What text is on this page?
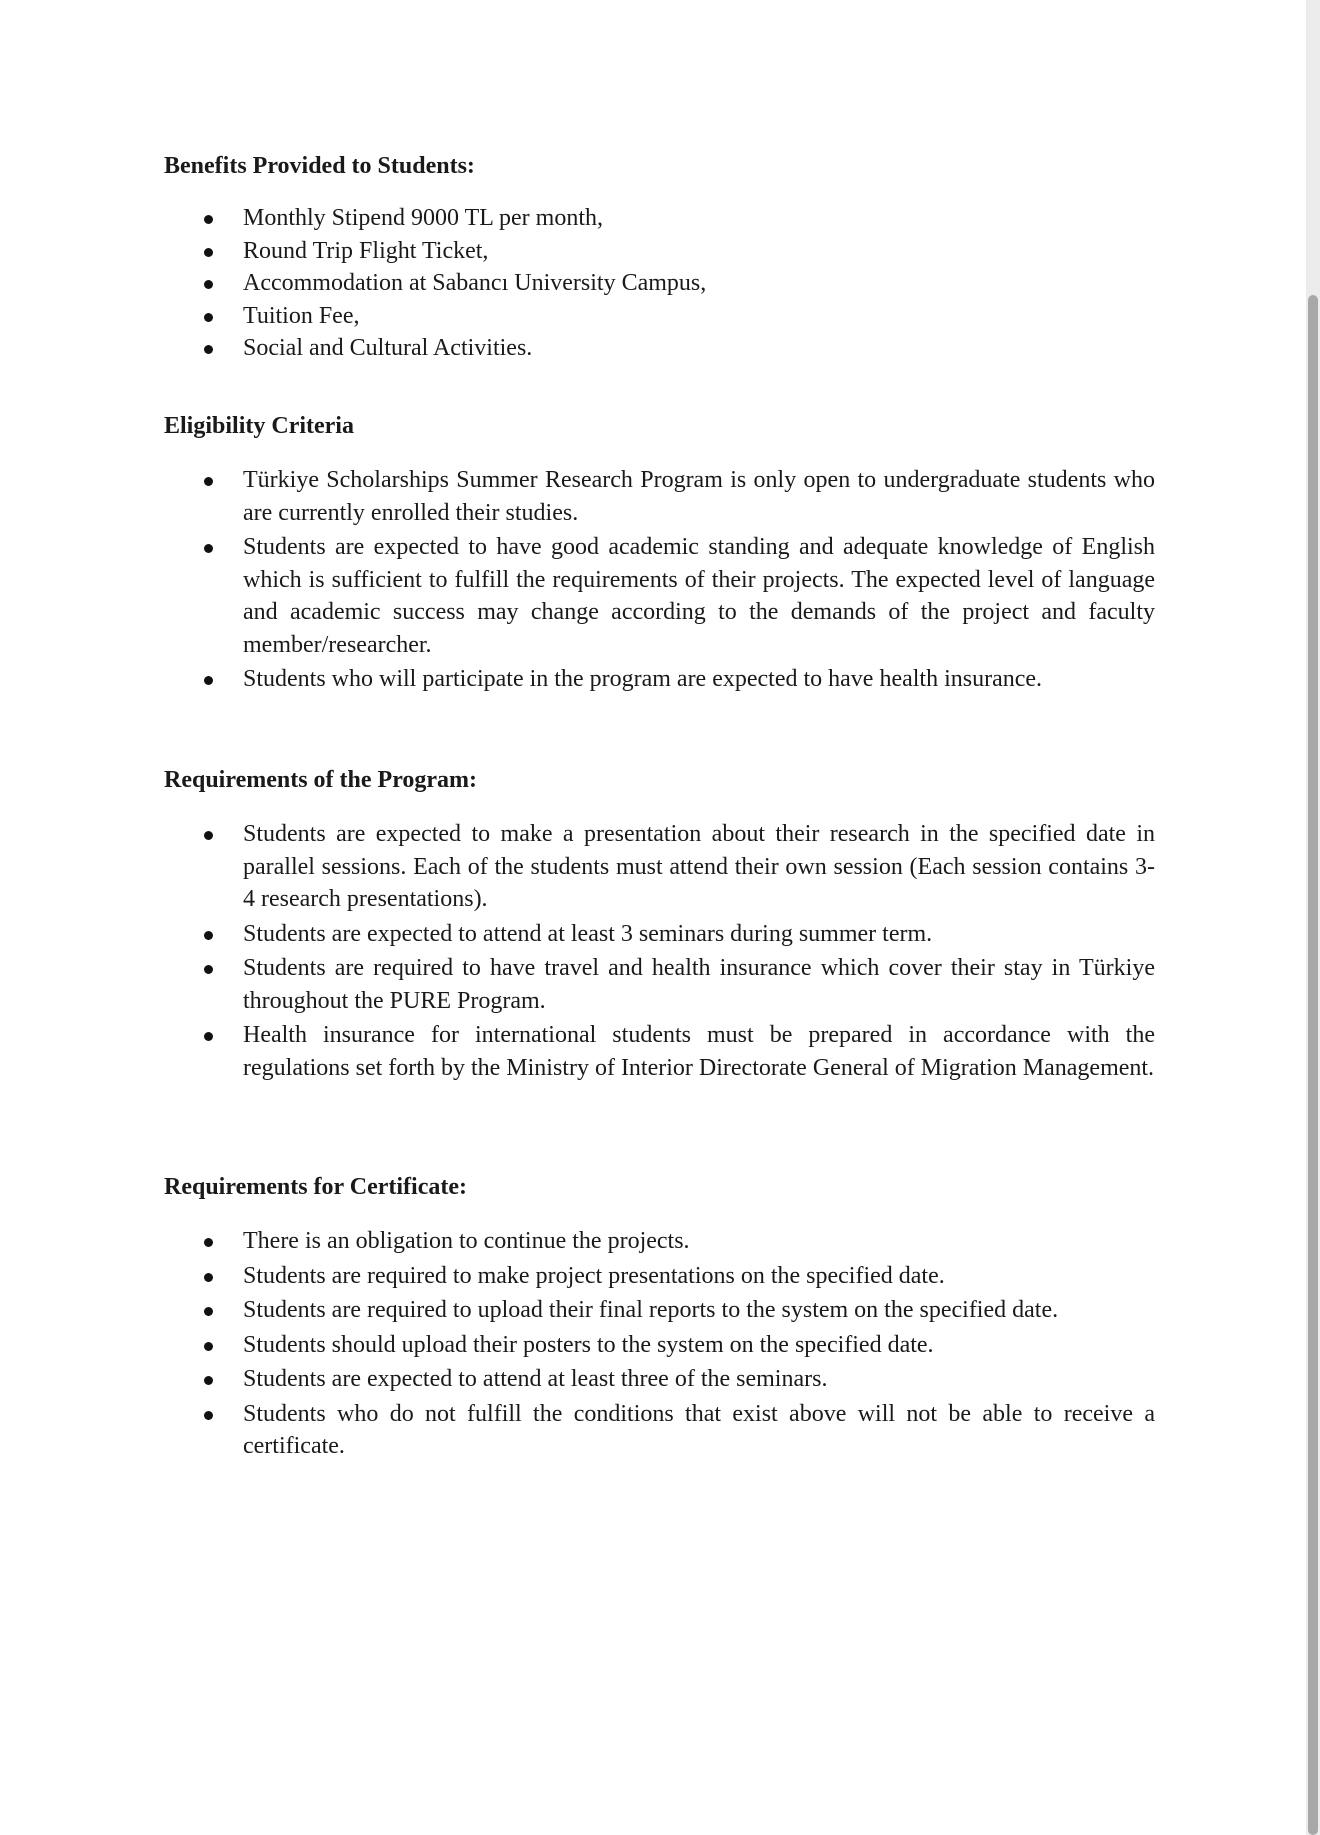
Benefits Provided to Students:

Monthly Stipend 9000 TL per month,
Round Trip Flight Ticket,
Accommodation at Sabancı University Campus,
Tuition Fee,
Social and Cultural Activities.

Eligibility Criteria

Türkiye Scholarships Summer Research Program is only open to undergraduate students who are currently enrolled their studies.
Students are expected to have good academic standing and adequate knowledge of English which is sufficient to fulfill the requirements of their projects. The expected level of language and academic success may change according to the demands of the project and faculty member/researcher.
Students who will participate in the program are expected to have health insurance.

Requirements of the Program:

Students are expected to make a presentation about their research in the specified date in parallel sessions. Each of the students must attend their own session (Each session contains 3-4 research presentations).
Students are expected to attend at least 3 seminars during summer term.
Students are required to have travel and health insurance which cover their stay in Türkiye throughout the PURE Program.
Health insurance for international students must be prepared in accordance with the regulations set forth by the Ministry of Interior Directorate General of Migration Management.

Requirements for Certificate:

There is an obligation to continue the projects.
Students are required to make project presentations on the specified date.
Students are required to upload their final reports to the system on the specified date.
Students should upload their posters to the system on the specified date.
Students are expected to attend at least three of the seminars.
Students who do not fulfill the conditions that exist above will not be able to receive a certificate.
